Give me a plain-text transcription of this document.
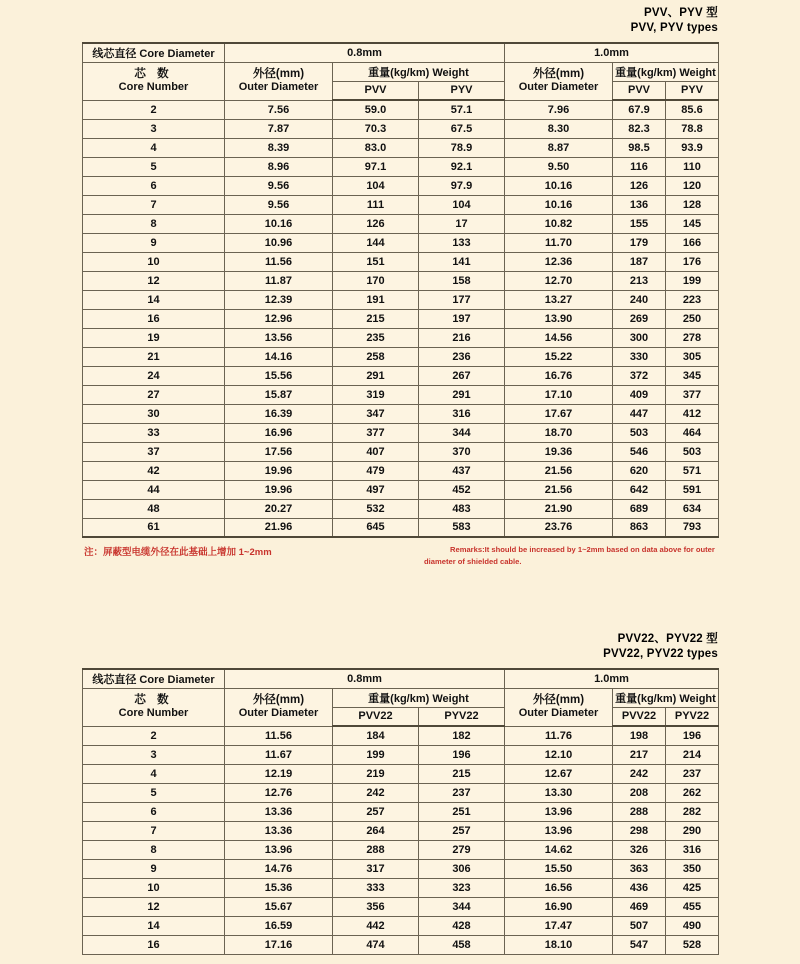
PVV、PYV 型
PVV, PYV types
线芯直径 Core Diameter	0.8mm			1.0mm		

芯 数
Core Number	外径(mm)
Outer Diameter	重量(kg/km) Weight		外径(mm)
Outer Diameter	重量(kg/km) Weight	
		PVV	PYV		PVV	PYV
2	7.56	59.0	57.1	7.96	67.9	85.6
3	7.87	70.3	67.5	8.30	82.3	78.8
4	8.39	83.0	78.9	8.87	98.5	93.9
5	8.96	97.1	92.1	9.50	116	110
6	9.56	104	97.9	10.16	126	120
7	9.56	111	104	10.16	136	128
8	10.16	126	17	10.82	155	145
9	10.96	144	133	11.70	179	166
10	11.56	151	141	12.36	187	176
12	11.87	170	158	12.70	213	199
14	12.39	191	177	13.27	240	223
16	12.96	215	197	13.90	269	250
19	13.56	235	216	14.56	300	278
21	14.16	258	236	15.22	330	305
24	15.56	291	267	16.76	372	345
27	15.87	319	291	17.10	409	377
30	16.39	347	316	17.67	447	412
33	16.96	377	344	18.70	503	464
37	17.56	407	370	19.36	546	503
42	19.96	479	437	21.56	620	571
44	19.96	497	452	21.56	642	591
48	20.27	532	483	21.90	689	634
61	21.96	645	583	23.76	863	793
注：屏蔽型电缆外径在此基础上增加 1~2mm	Remarks:It should be increased by 1~2mm based on data above for outer diameter of shielded cable.
PVV22、PYV22 型
PVV22, PYV22 types
线芯直径 Core Diameter	0.8mm			1.0mm		

芯 数
Core Number	外径(mm)
Outer Diameter	重量(kg/km) Weight		外径(mm)
Outer Diameter	重量(kg/km) Weight	
		PVV22	PYV22		PVV22	PYV22
2	11.56	184	182	11.76	198	196
3	11.67	199	196	12.10	217	214
4	12.19	219	215	12.67	242	237
5	12.76	242	237	13.30	208	262
6	13.36	257	251	13.96	288	282
7	13.36	264	257	13.96	298	290
8	13.96	288	279	14.62	326	316
9	14.76	317	306	15.50	363	350
10	15.36	333	323	16.56	436	425
12	15.67	356	344	16.90	469	455
14	16.59	442	428	17.47	507	490
16	17.16	474	458	18.10	547	528
